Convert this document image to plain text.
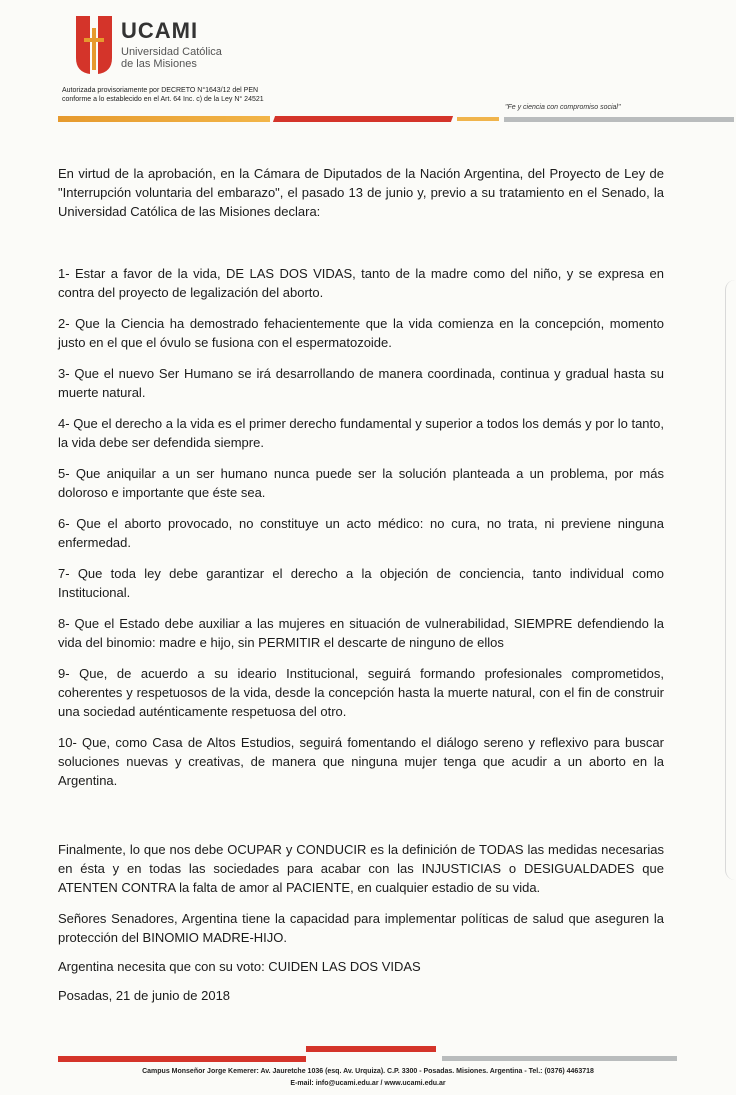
UCAMI
Universidad Católica
de las Misiones
Autorizada provisoriamente por DECRETO N°1643/12 del PEN
conforme a lo establecido en el Art. 64 Inc. c) de la Ley N° 24521
"Fe y ciencia con compromiso social"
En virtud de la aprobación, en la Cámara de Diputados de la Nación Argentina, del Proyecto de Ley de "Interrupción voluntaria del embarazo", el pasado 13 de junio y, previo a su tratamiento en el Senado, la Universidad Católica de las Misiones declara:
1- Estar a favor de la vida, DE LAS DOS VIDAS, tanto de la madre como del niño, y se expresa en contra del proyecto de legalización del aborto.
2- Que la Ciencia ha demostrado fehacientemente que la vida comienza en la concepción, momento justo en el que el óvulo se fusiona con el espermatozoide.
3- Que el nuevo Ser Humano se irá desarrollando de manera coordinada, continua y gradual hasta su muerte natural.
4- Que el derecho a la vida es el primer derecho fundamental y superior a todos los demás y por lo tanto, la vida debe ser defendida siempre.
5- Que aniquilar a un ser humano nunca puede ser la solución planteada a un problema, por más doloroso e importante que éste sea.
6- Que el aborto provocado, no constituye un acto médico: no cura, no trata, ni previene ninguna enfermedad.
7- Que toda ley debe garantizar el derecho a la objeción de conciencia, tanto individual como Institucional.
8- Que el Estado debe auxiliar a las mujeres en situación de vulnerabilidad, SIEMPRE defendiendo la vida del binomio: madre e hijo, sin PERMITIR el descarte de ninguno de ellos
9- Que, de acuerdo a su ideario Institucional, seguirá formando profesionales comprometidos, coherentes y respetuosos de la vida, desde la concepción hasta la muerte natural, con el fin de construir una sociedad auténticamente respetuosa del otro.
10- Que, como Casa de Altos Estudios, seguirá fomentando el diálogo sereno y reflexivo para buscar soluciones nuevas y creativas, de manera que ninguna mujer tenga que acudir a un aborto en la Argentina.

Finalmente, lo que nos debe OCUPAR y CONDUCIR es la definición de TODAS las medidas necesarias en ésta y en todas las sociedades para acabar con las INJUSTICIAS o DESIGUALDADES que ATENTEN CONTRA la falta de amor al PACIENTE, en cualquier estadio de su vida.

Señores Senadores, Argentina tiene la capacidad para implementar políticas de salud que aseguren la protección del BINOMIO MADRE-HIJO.

Argentina necesita que con su voto: CUIDEN LAS DOS VIDAS

Posadas, 21 de junio de 2018

Campus Monseñor Jorge Kemerer: Av. Jauretche 1036 (esq. Av. Urquiza). C.P. 3300 - Posadas. Misiones. Argentina - Tel.: (0376) 4463718
E-mail: info@ucami.edu.ar / www.ucami.edu.ar
